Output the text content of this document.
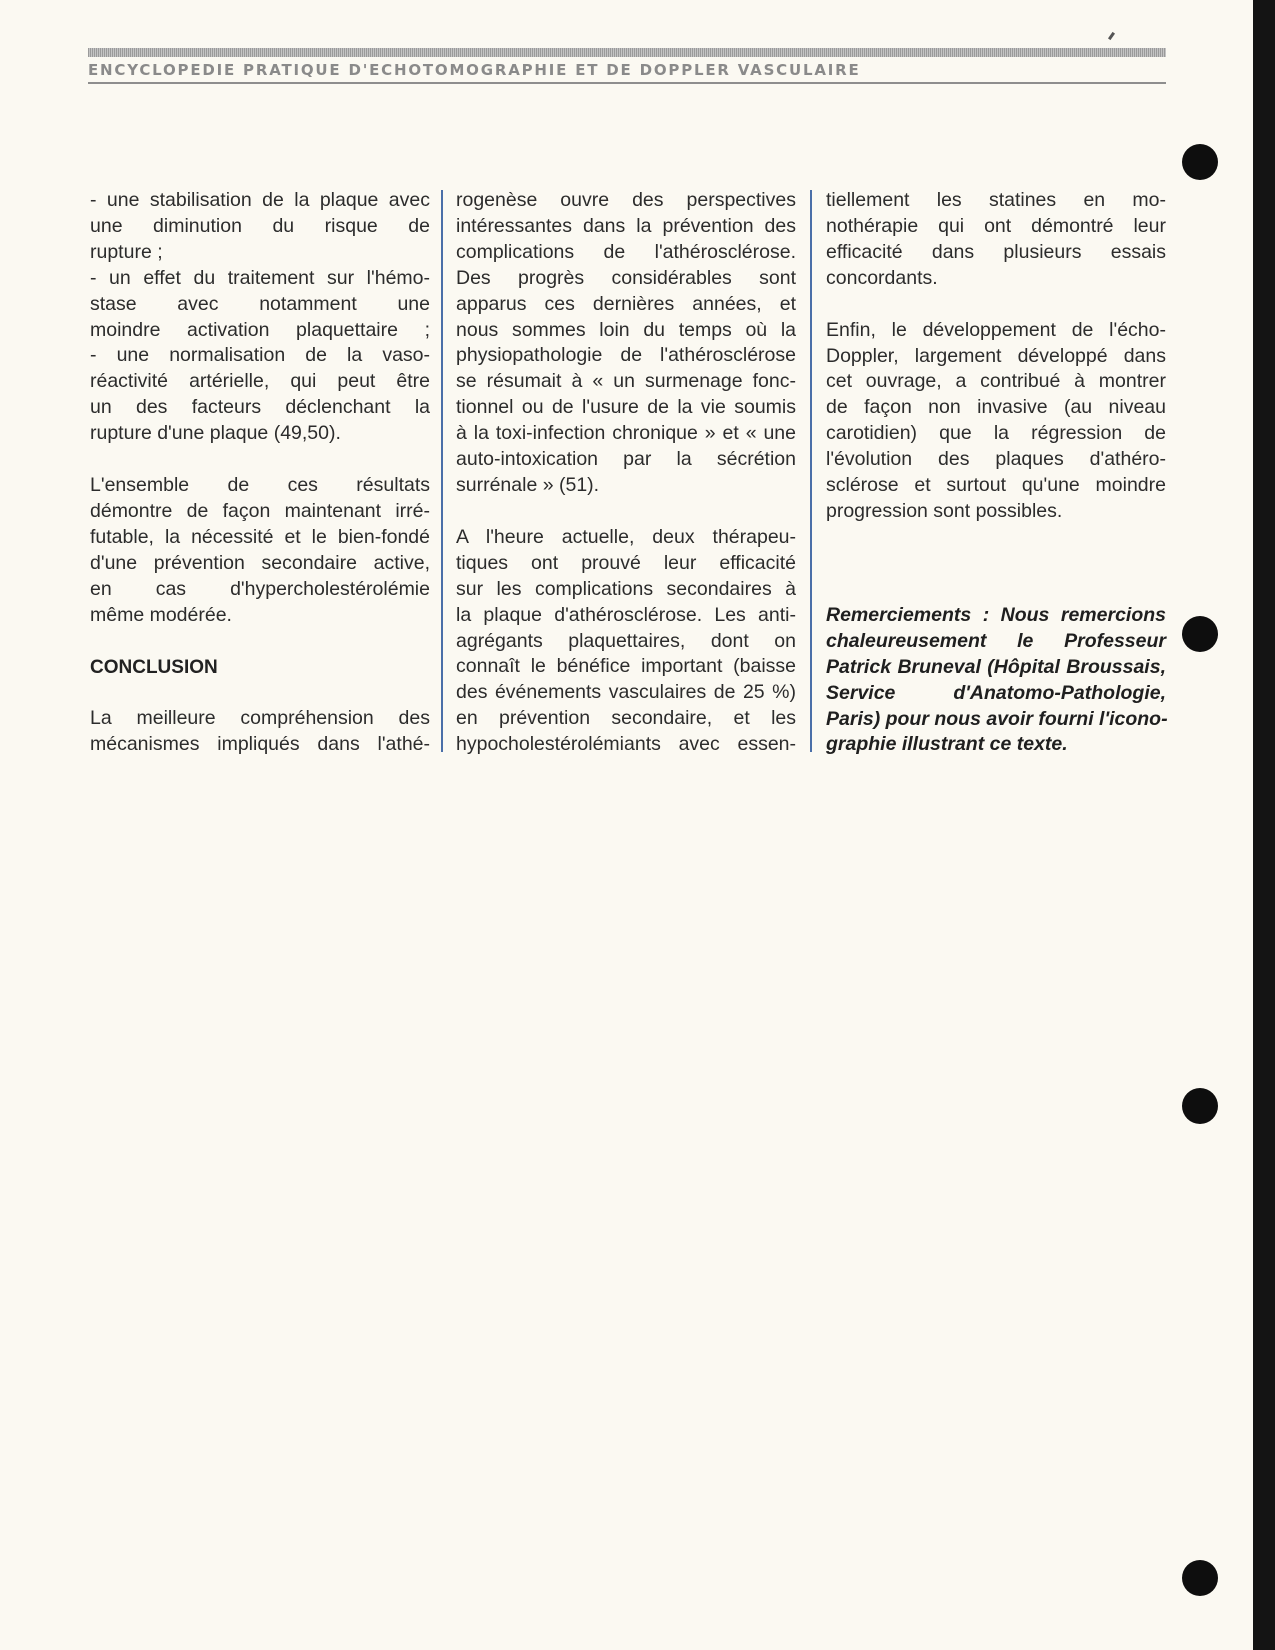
ENCYCLOPEDIE PRATIQUE D'ECHOTOMOGRAPHIE ET DE DOPPLER VASCULAIRE

- une stabilisation de la plaque avec
une diminution du risque de
rupture ;
- un effet du traitement sur l'hémo-
stase avec notamment une
moindre activation plaquettaire ;
- une normalisation de la vaso-
réactivité artérielle, qui peut être
un des facteurs déclenchant la
rupture d'une plaque (49,50).

L'ensemble de ces résultats
démontre de façon maintenant irré-
futable, la nécessité et le bien-fondé
d'une prévention secondaire active,
en cas d'hypercholestérolémie
même modérée.

CONCLUSION

La meilleure compréhension des
mécanismes impliqués dans l'athé-

rogenèse ouvre des perspectives
intéressantes dans la prévention des
complications de l'athérosclérose.
Des progrès considérables sont
apparus ces dernières années, et
nous sommes loin du temps où la
physiopathologie de l'athérosclérose
se résumait à « un surmenage fonc-
tionnel ou de l'usure de la vie soumis
à la toxi-infection chronique » et « une
auto-intoxication par la sécrétion
surrénale » (51).

A l'heure actuelle, deux thérapeu-
tiques ont prouvé leur efficacité
sur les complications secondaires à
la plaque d'athérosclérose. Les anti-
agrégants plaquettaires, dont on
connaît le bénéfice important (baisse
des événements vasculaires de 25 %)
en prévention secondaire, et les
hypocholestérolémiants avec essen-

tiellement les statines en mo-
nothérapie qui ont démontré leur
efficacité dans plusieurs essais
concordants.

Enfin, le développement de l'écho-
Doppler, largement développé dans
cet ouvrage, a contribué à montrer
de façon non invasive (au niveau
carotidien) que la régression de
l'évolution des plaques d'athéro-
sclérose et surtout qu'une moindre
progression sont possibles.

Remerciements : Nous remercions
chaleureusement le Professeur
Patrick Bruneval (Hôpital Broussais,
Service d'Anatomo-Pathologie,
Paris) pour nous avoir fourni l'icono-
graphie illustrant ce texte.
